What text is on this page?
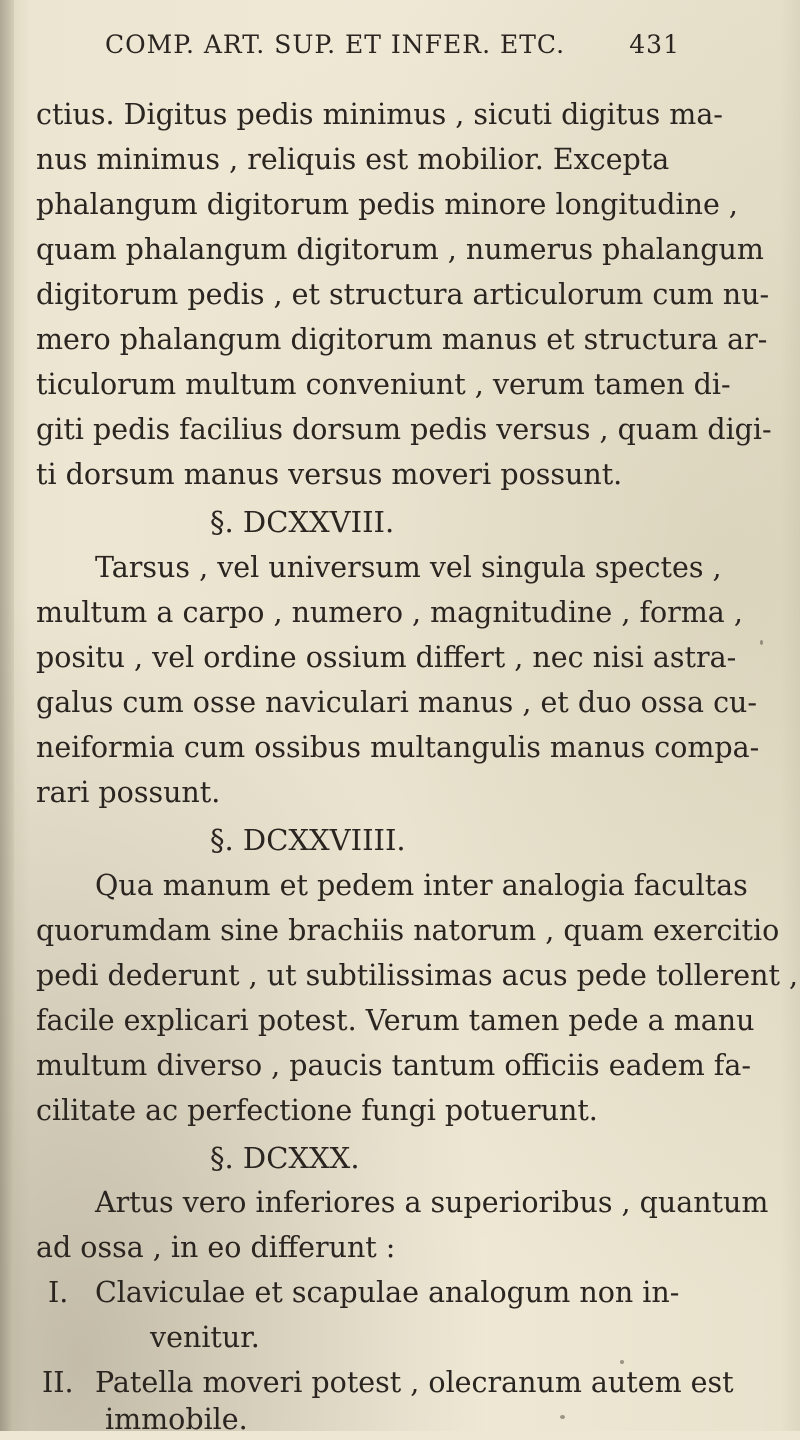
COMP. ART. SUP. ET INFER. ETC.	431
ctius. Digitus pedis minimus , sicuti digitus ma-
nus minimus , reliquis est mobilior. Excepta
phalangum digitorum pedis minore longitudine ,
quam phalangum digitorum , numerus phalangum
digitorum pedis , et structura articulorum cum nu-
mero phalangum digitorum manus et structura ar-
ticulorum multum conveniunt , verum tamen di-
giti pedis facilius dorsum pedis versus , quam digi-
ti dorsum manus versus moveri possunt.
§. DCXXVIII.
Tarsus , vel universum vel singula spectes ,
multum a carpo , numero , magnitudine , forma ,
positu , vel ordine ossium differt , nec nisi astra-
galus cum osse naviculari manus , et duo ossa cu-
neiformia cum ossibus multangulis manus compa-
rari possunt.
§. DCXXVIIII.
Qua manum et pedem inter analogia facultas
quorumdam sine brachiis natorum , quam exercitio
pedi dederunt , ut subtilissimas acus pede tollerent ,
facile explicari potest. Verum tamen pede a manu
multum diverso , paucis tantum officiis eadem fa-
cilitate ac perfectione fungi potuerunt.
§. DCXXX.
Artus vero inferiores a superioribus , quantum
ad ossa , in eo differunt :
I. Claviculae et scapulae analogum non in-
venitur.
II. Patella moveri potest , olecranum autem est
immobile.
